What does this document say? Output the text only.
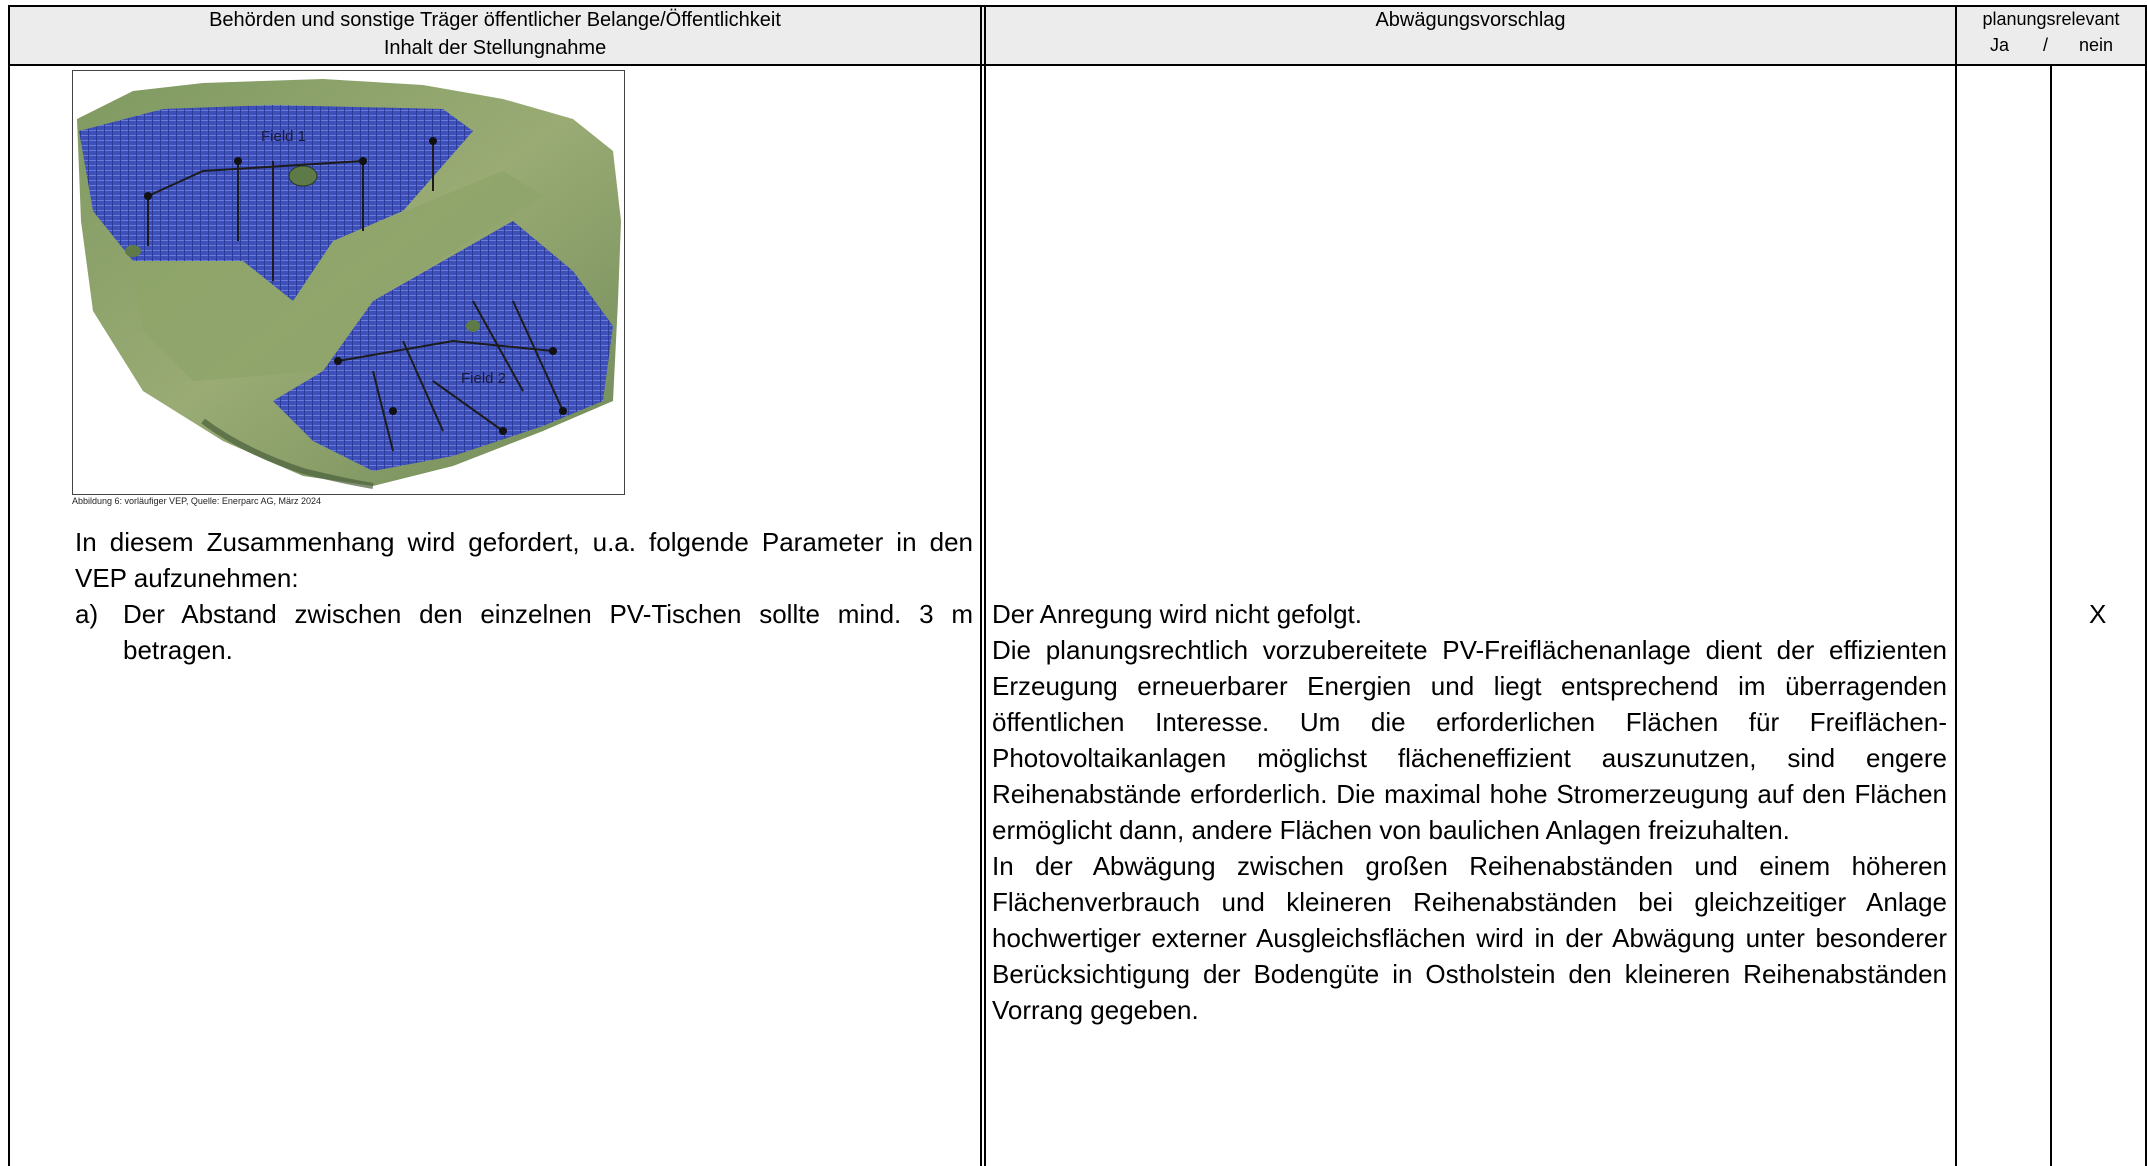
Behörden und sonstige Träger öffentlicher Belange/Öffentlichkeit
Inhalt der Stellungnahme
Abwägungsvorschlag	planungsrelevant
Ja / nein
Field 1
Field 2
Abbildung 6: vorläufiger VEP, Quelle: Enerparc AG, März 2024
In diesem Zusammenhang wird gefordert, u.a. folgende Parameter in den VEP aufzunehmen:
a) Der Abstand zwischen den einzelnen PV-Tischen sollte mind. 3 m betragen.
Der Anregung wird nicht gefolgt.
Die planungsrechtlich vorzubereitete PV-Freiflächenanlage dient der effizienten Erzeugung erneuerbarer Energien und liegt entsprechend im überragenden öffentlichen Interesse. Um die erforderlichen Flächen für Freiflächen-Photovoltaikanlagen möglichst flächeneffizient auszunutzen, sind engere Reihenabstände erforderlich. Die maximal hohe Stromerzeugung auf den Flächen ermöglicht dann, andere Flächen von baulichen Anlagen freizuhalten.
In der Abwägung zwischen großen Reihenabständen und einem höheren Flächenverbrauch und kleineren Reihenabständen bei gleichzeitiger Anlage hochwertiger externer Ausgleichsflächen wird in der Abwägung unter besonderer Berücksichtigung der Bodengüte in Ostholstein den kleineren Reihenabständen Vorrang gegeben.
X
